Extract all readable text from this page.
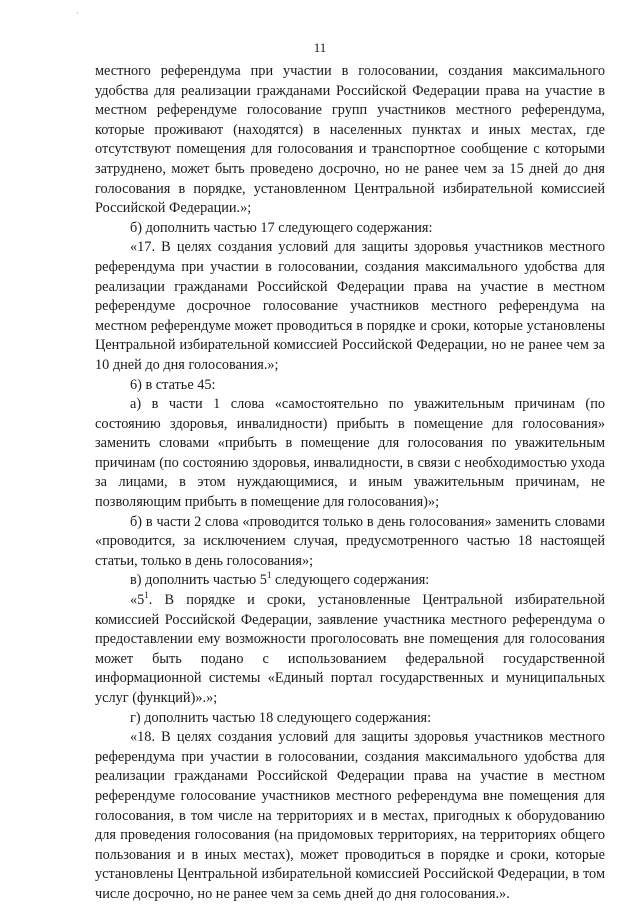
·
11

местного референдума при участии в голосовании, создания максимального удобства для реализации гражданами Российской Федерации права на участие в местном референдуме голосование групп участников местного референдума, которые проживают (находятся) в населенных пунктах и иных местах, где отсутствуют помещения для голосования и транспортное сообщение с которыми затруднено, может быть проведено досрочно, но не ранее чем за 15 дней до дня голосования в порядке, установленном Центральной избирательной комиссией Российской Федерации.»;

б) дополнить частью 17 следующего содержания:

«17. В целях создания условий для защиты здоровья участников местного референдума при участии в голосовании, создания максимального удобства для реализации гражданами Российской Федерации права на участие в местном референдуме досрочное голосование участников местного референдума на местном референдуме может проводиться в порядке и сроки, которые установлены Центральной избирательной комиссией Российской Федерации, но не ранее чем за 10 дней до дня голосования.»;

6) в статье 45:

а) в части 1 слова «самостоятельно по уважительным причинам (по состоянию здоровья, инвалидности) прибыть в помещение для голосования» заменить словами «прибыть в помещение для голосования по уважительным причинам (по состоянию здоровья, инвалидности, в связи с необходимостью ухода за лицами, в этом нуждающимися, и иным уважительным причинам, не позволяющим прибыть в помещение для голосования)»;

б) в части 2 слова «проводится только в день голосования» заменить словами «проводится, за исключением случая, предусмотренного частью 18 настоящей статьи, только в день голосования»;

в) дополнить частью $5^1$ следующего содержания:

«$5^1$. В порядке и сроки, установленные Центральной избирательной комиссией Российской Федерации, заявление участника местного референдума о предоставлении ему возможности проголосовать вне помещения для голосования может быть подано с использованием федеральной государственной информационной системы «Единый портал государственных и муниципальных услуг (функций)».»;

г) дополнить частью 18 следующего содержания:

«18. В целях создания условий для защиты здоровья участников местного референдума при участии в голосовании, создания максимального удобства для реализации гражданами Российской Федерации права на участие в местном референдуме голосование участников местного референдума вне помещения для голосования, в том числе на территориях и в местах, пригодных к оборудованию для проведения голосования (на придомовых территориях, на территориях общего пользования и в иных местах), может проводиться в порядке и сроки, которые установлены Центральной избирательной комиссией Российской Федерации, в том числе досрочно, но не ранее чем за семь дней до дня голосования.».
